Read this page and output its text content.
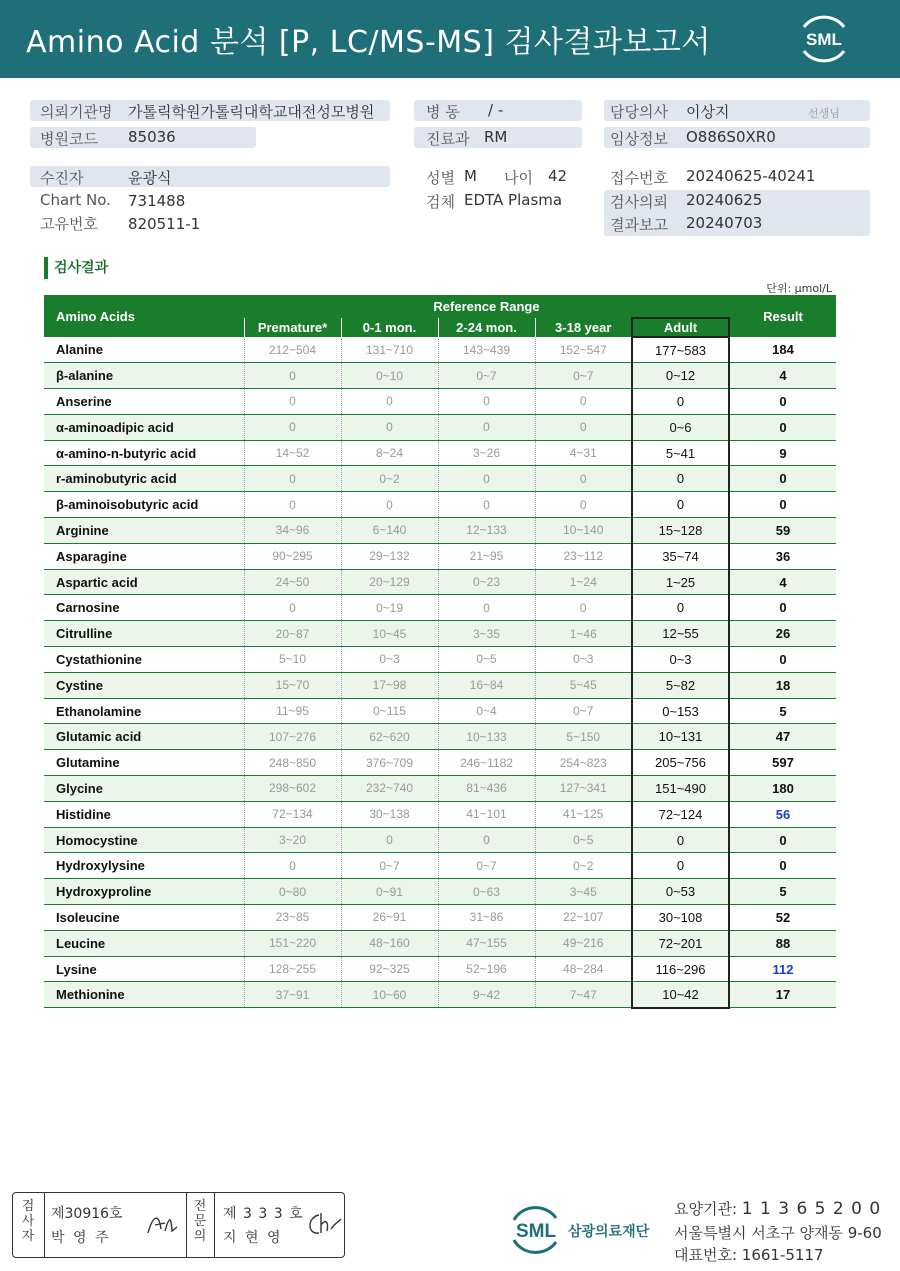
Amino Acid 분석 [P, LC/MS-MS] 검사결과보고서	SML
의뢰기관명 가톨릭학원가톨릭대학교대전성모병원
병원코드 85036
병 동 / -
진료과 RM
담당의사 이상지	선생님
임상정보 O886S0XR0
수진자	윤광식
Chart No. 731488
고유번호 820511-1
성별 M 나이 42
검체 EDTA Plasma
접수번호 20240625-40241
검사의뢰 20240625
결과보고 20240703
검사결과
단위: μmol/L
Amino Acids	Reference Range					Result
	Premature*	0-1 mon.	2-24 mon.	3-18 year	Adult	
Alanine	212~504	131~710	143~439	152~547	177~583	184
β-alanine	0	0~10	0~7	0~7	0~12	4
Anserine	0	0	0	0	0	0
α-aminoadipic acid	0	0	0	0	0~6	0
α-amino-n-butyric acid	14~52	8~24	3~26	4~31	5~41	9
r-aminobutyric acid	0	0~2	0	0	0	0
β-aminoisobutyric acid	0	0	0	0	0	0
Arginine	34~96	6~140	12~133	10~140	15~128	59
Asparagine	90~295	29~132	21~95	23~112	35~74	36
Aspartic acid	24~50	20~129	0~23	1~24	1~25	4
Carnosine	0	0~19	0	0	0	0
Citrulline	20~87	10~45	3~35	1~46	12~55	26
Cystathionine	5~10	0~3	0~5	0~3	0~3	0
Cystine	15~70	17~98	16~84	5~45	5~82	18
Ethanolamine	11~95	0~115	0~4	0~7	0~153	5
Glutamic acid	107~276	62~620	10~133	5~150	10~131	47
Glutamine	248~850	376~709	246~1182	254~823	205~756	597
Glycine	298~602	232~740	81~436	127~341	151~490	180
Histidine	72~134	30~138	41~101	41~125	72~124	56
Homocystine	3~20	0	0	0~5	0	0
Hydroxylysine	0	0~7	0~7	0~2	0	0
Hydroxyproline	0~80	0~91	0~63	3~45	0~53	5
Isoleucine	23~85	26~91	31~86	22~107	30~108	52
Leucine	151~220	48~160	47~155	49~216	72~201	88
Lysine	128~255	92~325	52~196	48~284	116~296	112
Methionine	37~91	10~60	9~42	7~47	10~42	17
검사자
제30916호
박 영 주
전문의
제 3 3 3 호
지 현 영	SML 삼광의료재단
요양기관: 1 1 3 6 5 2 0 0
서울특별시 서초구 양재동 9-60
대표번호: 1661-5117
